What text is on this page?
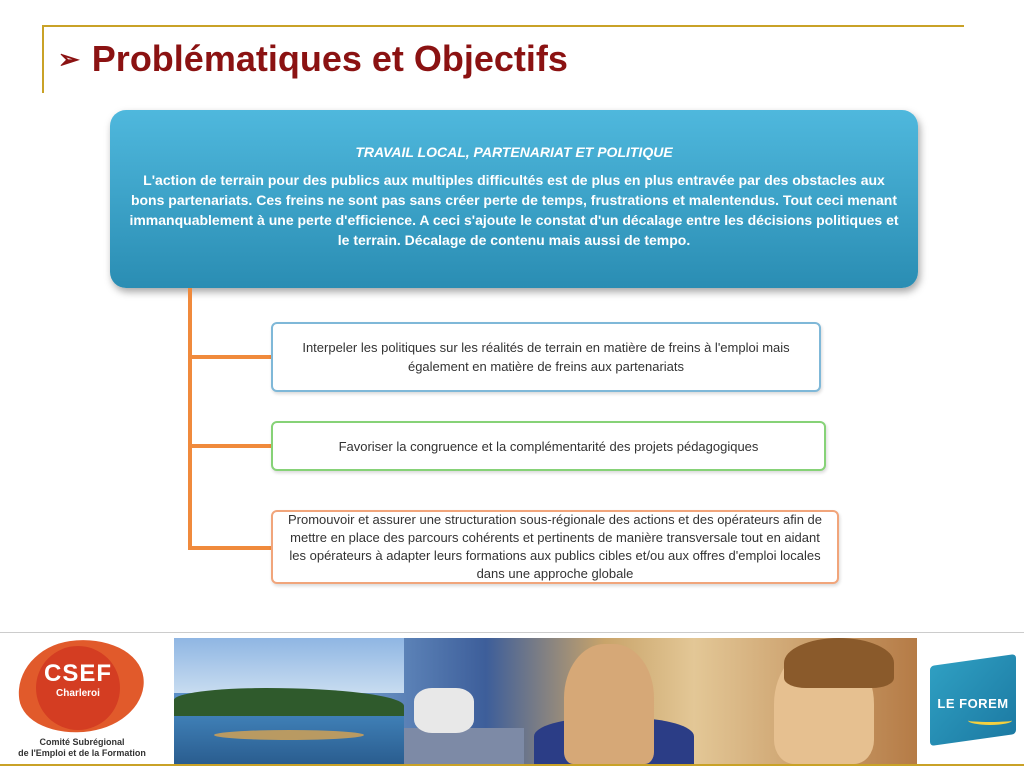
➢ Problématiques et Objectifs
TRAVAIL LOCAL, PARTENARIAT ET POLITIQUE
L'action de terrain pour des publics aux multiples difficultés est de plus en plus entravée par des obstacles aux bons partenariats. Ces freins ne sont pas sans créer perte de temps, frustrations et malentendus. Tout ceci menant immanquablement à une perte d'efficience. A ceci s'ajoute le constat d'un décalage entre les décisions politiques et le terrain. Décalage de contenu mais aussi de tempo.
Interpeler les politiques sur les réalités de terrain en matière de freins à l'emploi mais également en matière de freins aux partenariats
Favoriser la congruence et la complémentarité des projets pédagogiques
Promouvoir et assurer une structuration sous-régionale des actions et des opérateurs afin de mettre en place des parcours cohérents et pertinents de manière transversale tout en aidant les opérateurs à adapter leurs formations aux publics cibles et/ou aux offres d'emploi locales dans une approche globale
CSEF
Charleroi
Comité Subrégional
de l'Emploi et de la Formation
LE FOREM
